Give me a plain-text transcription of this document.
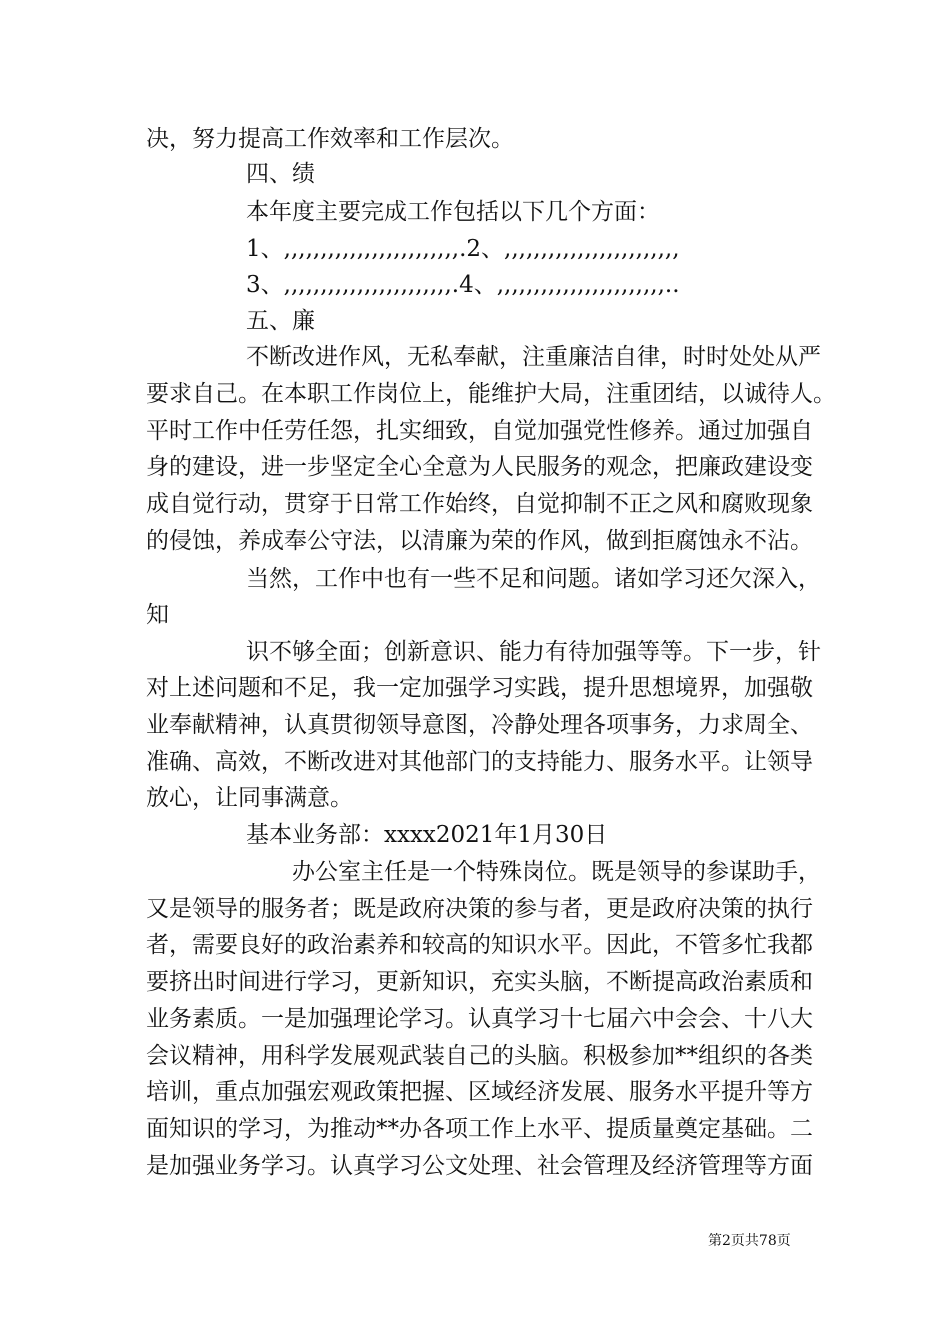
决，努力提高工作效率和工作层次。

四、绩

本年度主要完成工作包括以下几个方面：

1、,,,,,,,,,,,,,,,,,,,,,,,,.2、,,,,,,,,,,,,,,,,,,,,,,,,

3、,,,,,,,,,,,,,,,,,,,,,,,.4、,,,,,,,,,,,,,,,,,,,,,,,..

五、廉

不断改进作风，无私奉献，注重廉洁自律，时时处处从严

要求自己。在本职工作岗位上，能维护大局，注重团结，以诚待人。

平时工作中任劳任怨，扎实细致，自觉加强党性修养。通过加强自

身的建设，进一步坚定全心全意为人民服务的观念，把廉政建设变

成自觉行动，贯穿于日常工作始终，自觉抑制不正之风和腐败现象

的侵蚀，养成奉公守法，以清廉为荣的作风，做到拒腐蚀永不沾。

当然，工作中也有一些不足和问题。诸如学习还欠深入，

知

识不够全面；创新意识、能力有待加强等等。下一步，针

对上述问题和不足，我一定加强学习实践，提升思想境界，加强敬

业奉献精神，认真贯彻领导意图，冷静处理各项事务，力求周全、

准确、高效，不断改进对其他部门的支持能力、服务水平。让领导

放心，让同事满意。

基本业务部：xxxx2021年1月30日

办公室主任是一个特殊岗位。既是领导的参谋助手，

又是领导的服务者；既是政府决策的参与者，更是政府决策的执行

者，需要良好的政治素养和较高的知识水平。因此，不管多忙我都

要挤出时间进行学习，更新知识，充实头脑，不断提高政治素质和

业务素质。一是加强理论学习。认真学习十七届六中会会、十八大

会议精神，用科学发展观武装自己的头脑。积极参加**组织的各类

培训，重点加强宏观政策把握、区域经济发展、服务水平提升等方

面知识的学习，为推动**办各项工作上水平、提质量奠定基础。二

是加强业务学习。认真学习公文处理、社会管理及经济管理等方面

第2页共78页
